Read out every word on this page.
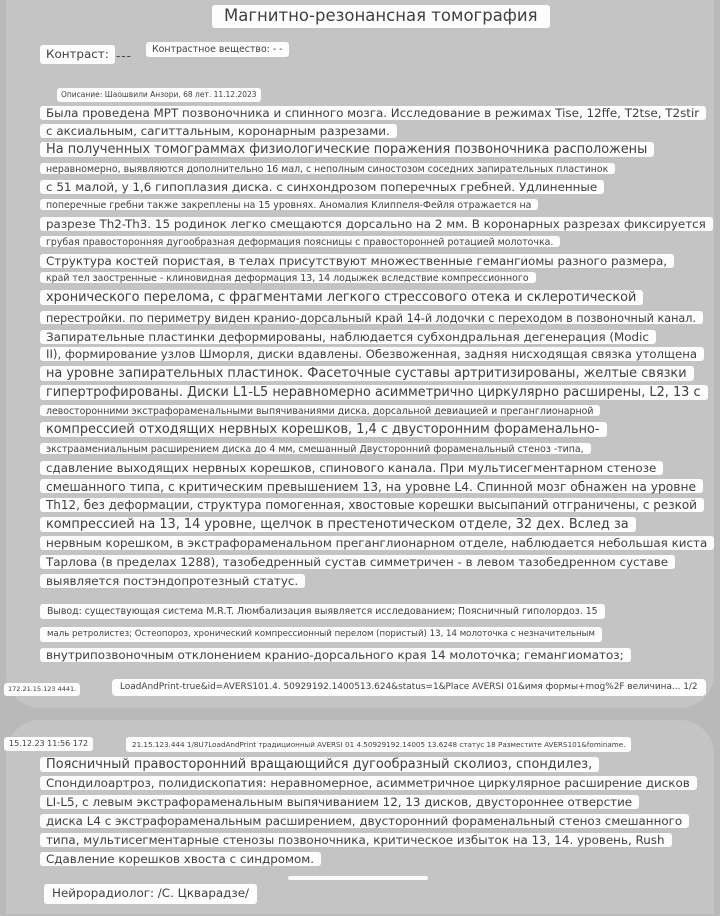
Магнитно-резонансная томография
Контраст: ---	Контрастное вещество: - -
Описание: Шаошвили Анзори, 68 лет. 11.12.2023
Была проведена МРТ позвоночника и спинного мозга. Исследование в режимах Tise, 12ffe, T2tse, T2stir
с аксиальным, сагиттальным, коронарным разрезами.
На полученных томограммах физиологические поражения позвоночника расположены
неравномерно, выявляются дополнительно 16 мал, с неполным синостозом соседних запирательных пластинок
с 51 малой, у 1,6 гипоплазия диска. с синхондрозом поперечных гребней. Удлиненные
поперечные гребни также закреплены на 15 уровнях. Аномалия Клиппеля-Фейля отражается на
разрезе Th2-Th3. 15 родинок легко смещаются дорсально на 2 мм. В коронарных разрезах фиксируется
грубая правосторонняя дугообразная деформация поясницы с правосторонней ротацией молоточка.
Структура костей пористая, в телах присутствуют множественные гемангиомы разного размера,
край тел заостренные - клиновидная деформация 13, 14 лодыжек вследствие компрессионного
хронического перелома, с фрагментами легкого стрессового отека и склеротической
перестройки. по периметру виден кранио-дорсальный край 14-й лодочки с переходом в позвоночный канал.
Запирательные пластинки деформированы, наблюдается субхондральная дегенерация (Modic
II), формирование узлов Шморля, диски вдавлены. Обезвоженная, задняя нисходящая связка утолщена
на уровне запирательных пластинок. Фасеточные суставы артритизированы, желтые связки
гипертрофированы. Диски L1-L5 неравномерно асимметрично циркулярно расширены, L2, 13 с
левосторонними экстрафораменальными выпячиваниями диска, дорсальной девиацией и преганглионарной
компрессией отходящих нервных корешков, 1,4 с двусторонним фораменально-
экстраамениальным расширением диска до 4 мм, смешанный Двусторонний фораменальный стеноз -типа,
сдавление выходящих нервных корешков, спинового канала. При мультисегментарном стенозе
смешанного типа, с критическим превышением 13, на уровне L4. Спинной мозг обнажен на уровне
Th12, без деформации, структура помогенная, хвостовые корешки высыпаний отграничены, с резкой
компрессией на 13, 14 уровне, щелчок в престенотическом отделе, 32 дех. Вслед за
нервным корешком, в экстрафораменальном преганглионарном отделе, наблюдается небольшая киста
Тарлова (в пределах 1288), тазобедренный сустав симметричен - в левом тазобедренном суставе
выявляется постэндопротезный статус.
Вывод: существующая система M.R.T. Люмбализация выявляется исследованием; Поясничный гиполордоз. 15
маль ретролистез; Остеопороз, хронический компрессионный перелом (пористый) 13, 14 молоточка с незначительным
внутрипозвоночным отклонением кранио-дорсального края 14 молоточка; гемангиоматоз;
172.21.15.123 4441.	LoadAndPrint-true&id=AVERS101.4. 50929192.1400513.624&status=1&Place AVERSI 01&имя формы+mog%2F величина... 1/2
15.12.23 11:56 172	21.15.123.444 1/8U7LoadAndPrint традиционный AVERSI 01 4.50929192.14005 13.6248 статус 18 Разместите AVERS101&fominame.
Поясничный правосторонний вращающийся дугообразный сколиоз, спондилез,
Спондилоартроз, полидископатия: неравномерное, асимметричное циркулярное расширение дисков
LI-L5, с левым экстрафораменальным выпячиванием 12, 13 дисков, двустороннее отверстие
диска L4 с экстрафораменальным расширением, двусторонний фораменальный стеноз смешанного
типа, мультисегментарные стенозы позвоночника, критическое избыток на 13, 14. уровень, Rush
Сдавление корешков хвоста с синдромом.
Нейрорадиолог: /С. Цкварадзе/
